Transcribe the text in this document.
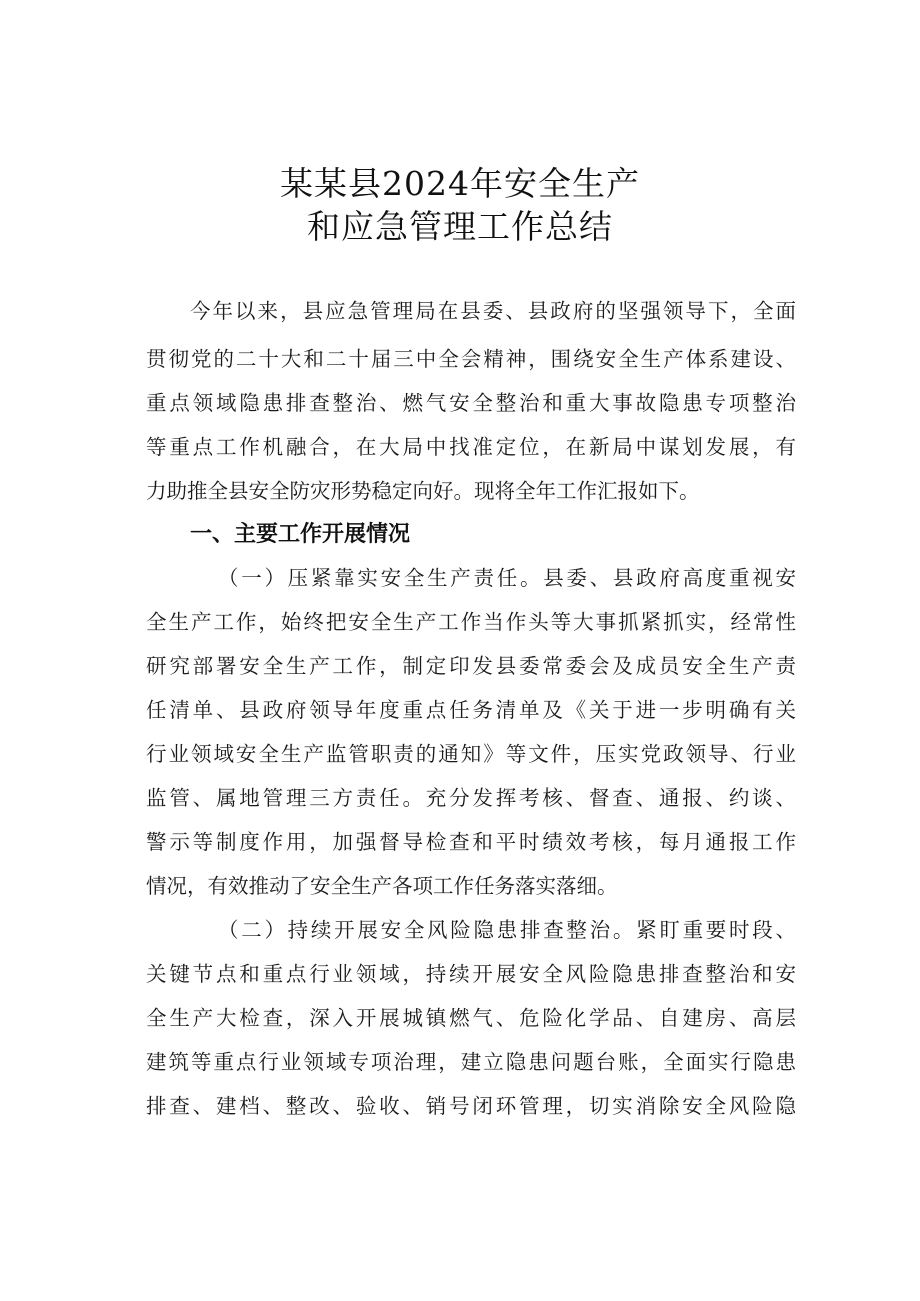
某某县2024年安全生产
和应急管理工作总结
今年以来，县应急管理局在县委、县政府的坚强领导下，全面
贯彻党的二十大和二十届三中全会精神，围绕安全生产体系建设、
重点领域隐患排查整治、燃气安全整治和重大事故隐患专项整治
等重点工作机融合，在大局中找准定位，在新局中谋划发展，有
力助推全县安全防灾形势稳定向好。现将全年工作汇报如下。
一、主要工作开展情况
（一）压紧靠实安全生产责任。县委、县政府高度重视安
全生产工作，始终把安全生产工作当作头等大事抓紧抓实，经常性
研究部署安全生产工作，制定印发县委常委会及成员安全生产责
任清单、县政府领导年度重点任务清单及《关于进一步明确有关
行业领域安全生产监管职责的通知》等文件，压实党政领导、行业
监管、属地管理三方责任。充分发挥考核、督查、通报、约谈、
警示等制度作用，加强督导检查和平时绩效考核，每月通报工作
情况，有效推动了安全生产各项工作任务落实落细。
（二）持续开展安全风险隐患排查整治。紧盯重要时段、
关键节点和重点行业领域，持续开展安全风险隐患排查整治和安
全生产大检查，深入开展城镇燃气、危险化学品、自建房、高层
建筑等重点行业领域专项治理，建立隐患问题台账，全面实行隐患
排查、建档、整改、验收、销号闭环管理，切实消除安全风险隐
